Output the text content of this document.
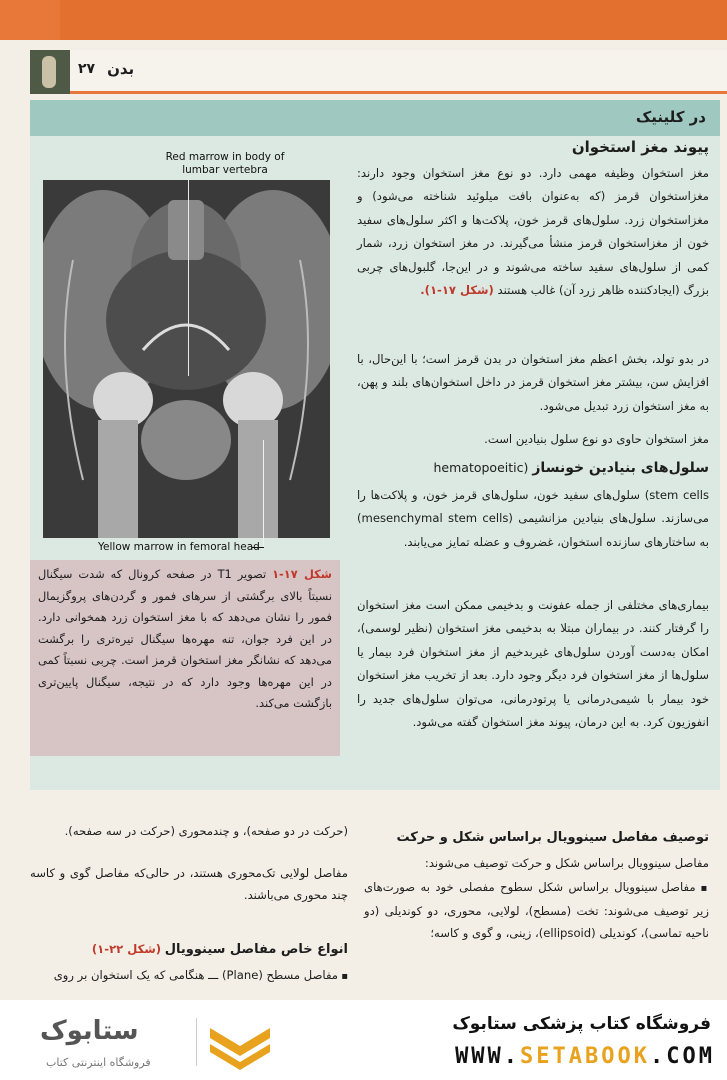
۲۷ بدن
در کلینیک
پیوند مغز استخوان
مغز استخوان وظیفه مهمی دارد. دو نوع مغز استخوان وجود دارند: مغزاستخوان قرمز (که به‌عنوان بافت میلوئید شناخته می‌شود) و مغزاستخوان زرد. سلول‌های قرمز خون، پلاکت‌ها و اکثر سلول‌های سفید خون از مغزاستخوان قرمز منشأ می‌گیرند. در مغز استخوان زرد، شمار کمی از سلول‌های سفید ساخته می‌شوند و در این‌جا، گلبول‌های چربی بزرگ (ایجادکننده ظاهر زرد آن) غالب هستند (شکل ۱۷-۱).
در بدو تولد، بخش اعظم مغز استخوان در بدن قرمز است؛ با این‌حال، با افزایش سن، بیشتر مغز استخوان قرمز در داخل استخوان‌های بلند و پهن، به مغز استخوان زرد تبدیل می‌شود.
مغز استخوان حاوی دو نوع سلول بنیادین است.
سلول‌های بنیادین خونساز (hematopoeitic
stem cells) سلول‌های سفید خون، سلول‌های قرمز خون، و پلاکت‌ها را می‌سازند. سلول‌های بنیادین مزانشیمی (mesenchymal stem cells) به ساختارهای سازنده استخوان، غضروف و عضله تمایز می‌یابند.
بیماری‌های مختلفی از جمله عفونت و بدخیمی ممکن است مغز استخوان را گرفتار کنند. در بیماران مبتلا به بدخیمی مغز استخوان (نظیر لوسمی)، امکان به‌دست آوردن سلول‌های غیربدخیم از مغز استخوان فرد بیمار یا سلول‌ها از مغز استخوان فرد دیگر وجود دارد. بعد از تخریب مغز استخوان خود بیمار با شیمی‌درمانی یا پرتودرمانی، می‌توان سلول‌های جدید را انفوزیون کرد. به این درمان، پیوند مغز استخوان گفته می‌شود.
Red marrow in body of lumbar vertebra
Yellow marrow in femoral head
شکل ۱۷-۱ تصویر T1 در صفحه کرونال که شدت سیگنال نسبتاً بالای برگشتی از سرهای فمور و گردن‌های پروگزیمال فمور را نشان می‌دهد که با مغز استخوان زرد همخوانی دارد. در این فرد جوان، تنه مهره‌ها سیگنال تیره‌تری را برگشت می‌دهد که نشانگر مغز استخوان قرمز است. چربی نسبتاً کمی در این مهره‌ها وجود دارد که در نتیجه، سیگنال پایین‌تری بازگشت می‌کند.
(حرکت در دو صفحه)، و چندمحوری (حرکت در سه صفحه).
مفاصل لولایی تک‌محوری هستند، در حالی‌که مفاصل گوی و کاسه چند محوری می‌باشند.
انواع خاص مفاصل سینوویال (شکل ۲۲-۱)
▪ مفاصل مسطح (Plane) ـــ هنگامی که یک استخوان بر روی
توصیف مفاصل سینوویال براساس شکل و حرکت
مفاصل سینوویال براساس شکل و حرکت توصیف می‌شوند:
▪ مفاصل سینوویال براساس شکل سطوح مفصلی خود به صورت‌های زیر توصیف می‌شوند: تخت (مسطح)، لولایی، محوری، دو کوندیلی (دو ناحیه تماسی)، کوندیلی (ellipsoid)، زینی، و گوی و کاسه؛
فروشگاه کتاب پزشکی ستابوک
WWW.SETABOOK.COM
ستابوک
فروشگاه اینترنتی کتاب
